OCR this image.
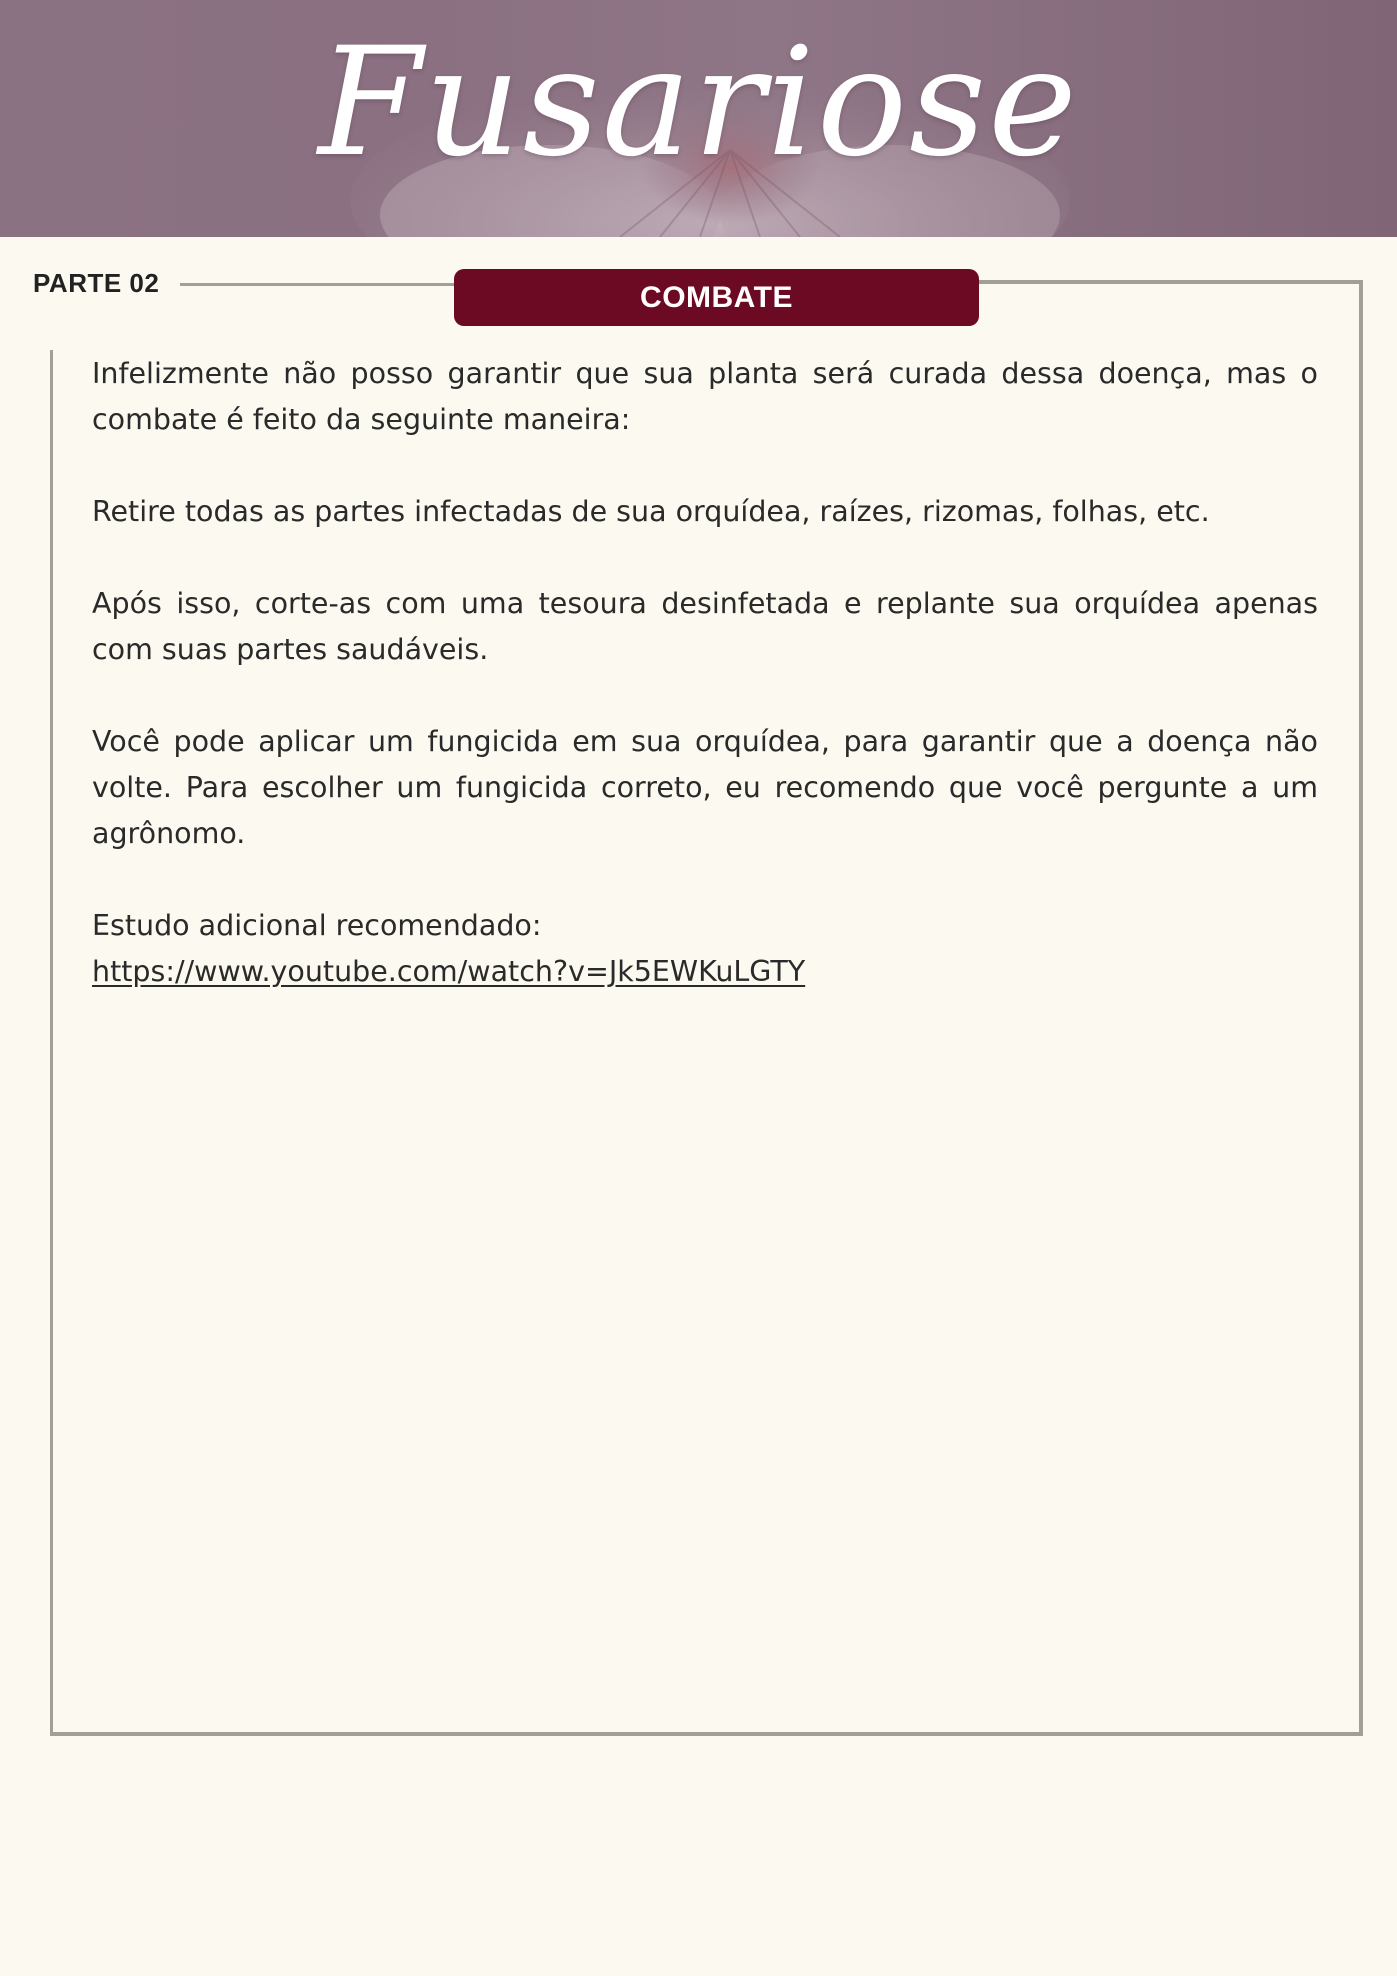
Fusariose
PARTE 02	COMBATE

Infelizmente não posso garantir que sua planta será curada dessa doença, mas o combate é feito da seguinte maneira:

Retire todas as partes infectadas de sua orquídea, raízes, rizomas, folhas, etc.

Após isso, corte-as com uma tesoura desinfetada e replante sua orquídea apenas com suas partes saudáveis.

Você pode aplicar um fungicida em sua orquídea, para garantir que a doença não volte. Para escolher um fungicida correto, eu recomendo que você pergunte a um agrônomo.

Estudo adicional recomendado:
https://www.youtube.com/watch?v=Jk5EWKuLGTY
